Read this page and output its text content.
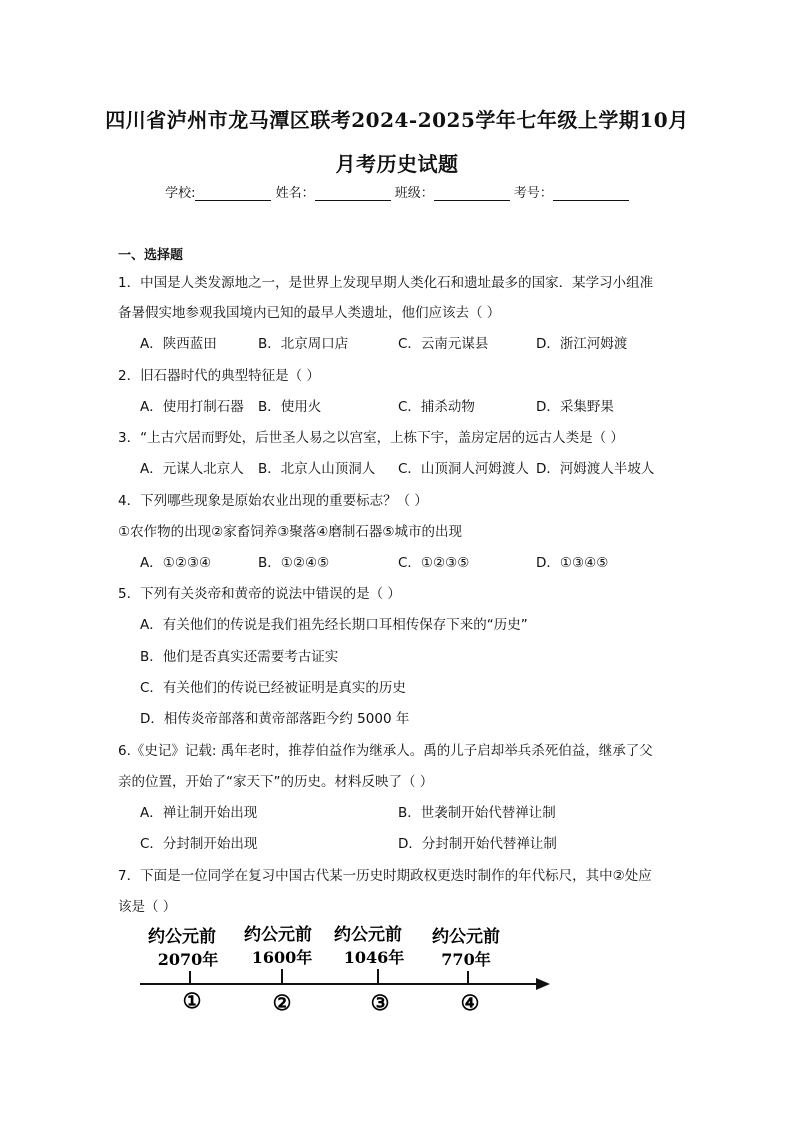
四川省泸州市龙马潭区联考2024-2025学年七年级上学期10月
月考历史试题
学校:	姓名：	班级：	考号：
一、选择题
1．中国是人类发源地之一，是世界上发现早期人类化石和遗址最多的国家．某学习小组准
备暑假实地参观我国境内已知的最早人类遗址，他们应该去（ ）
A．陕西蓝田	B．北京周口店	C．云南元谋县	D．浙江河姆渡
2．旧石器时代的典型特征是（ ）
A．使用打制石器 B．使用火	C．捕杀动物	D．采集野果
3．“上古穴居而野处，后世圣人易之以宫室，上栋下宇，盖房定居的远古人类是（ ）
A．元谋人北京人 B．北京人山顶洞人 C．山顶洞人河姆渡人 D．河姆渡人半坡人
4．下列哪些现象是原始农业出现的重要标志？（ ）
①农作物的出现②家畜饲养③聚落④磨制石器⑤城市的出现
A．①②③④	B．①②④⑤	C．①②③⑤	D．①③④⑤
5．下列有关炎帝和黄帝的说法中错误的是（ ）
A．有关他们的传说是我们祖先经长期口耳相传保存下来的“历史”
B．他们是否真实还需要考古证实
C．有关他们的传说已经被证明是真实的历史
D．相传炎帝部落和黄帝部落距今约 5000 年
6.《史记》记载: 禹年老时，推荐伯益作为继承人。禹的儿子启却举兵杀死伯益，继承了父
亲的位置，开始了“家天下”的历史。材料反映了（ ）
A．禅让制开始出现	B．世袭制开始代替禅让制
C．分封制开始出现	D．分封制开始代替禅让制
7．下面是一位同学在复习中国古代某一历史时期政权更迭时制作的年代标尺，其中②处应
该是（ ）
约公元前
2070年
①
约公元前
1600年
②
约公元前
1046年
③
约公元前
770年
④
